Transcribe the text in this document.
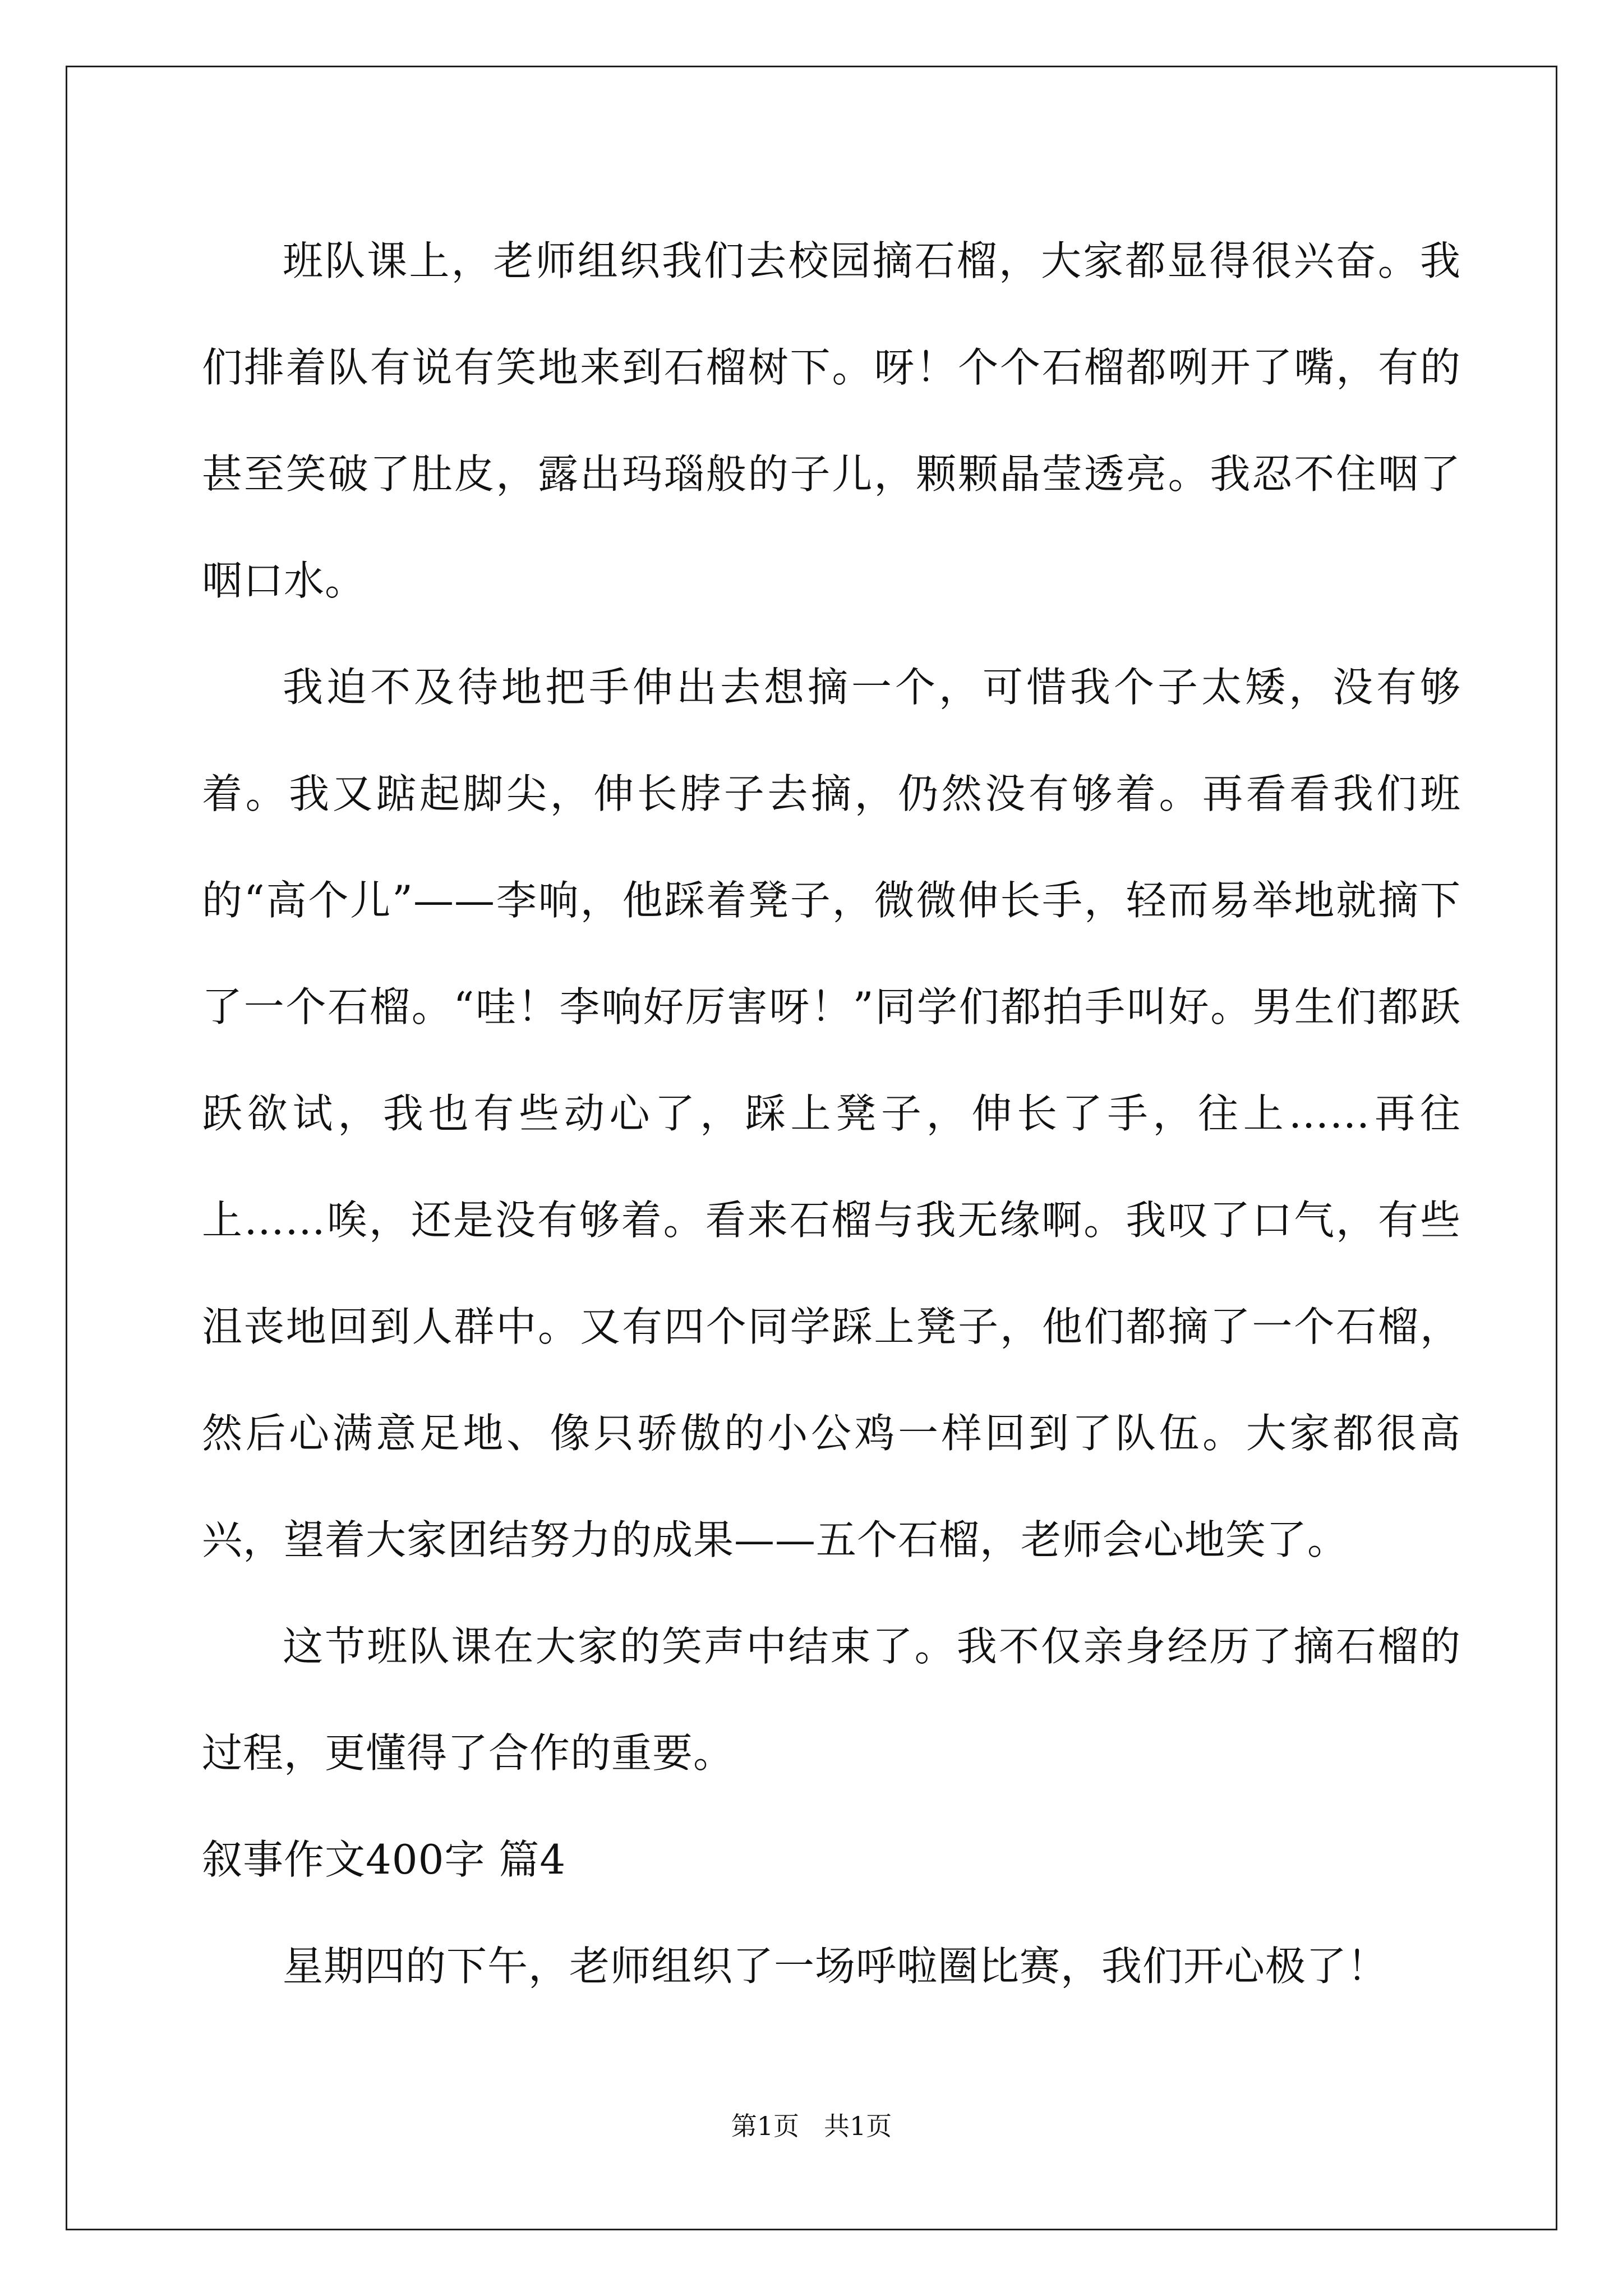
班队课上，老师组织我们去校园摘石榴，大家都显得很兴奋。我们排着队有说有笑地来到石榴树下。呀！个个石榴都咧开了嘴，有的甚至笑破了肚皮，露出玛瑙般的子儿，颗颗晶莹透亮。我忍不住咽了咽口水。

我迫不及待地把手伸出去想摘一个，可惜我个子太矮，没有够着。我又踮起脚尖，伸长脖子去摘，仍然没有够着。再看看我们班的“高个儿”——李响，他踩着凳子，微微伸长手，轻而易举地就摘下了一个石榴。“哇！李响好厉害呀！”同学们都拍手叫好。男生们都跃跃欲试，我也有些动心了，踩上凳子，伸长了手，往上……再往上……唉，还是没有够着。看来石榴与我无缘啊。我叹了口气，有些沮丧地回到人群中。又有四个同学踩上凳子，他们都摘了一个石榴，然后心满意足地、像只骄傲的小公鸡一样回到了队伍。大家都很高兴，望着大家团结努力的成果——五个石榴，老师会心地笑了。

这节班队课在大家的笑声中结束了。我不仅亲身经历了摘石榴的过程，更懂得了合作的重要。

叙事作文400字 篇4

星期四的下午，老师组织了一场呼啦圈比赛，我们开心极了！

第1页 共1页
